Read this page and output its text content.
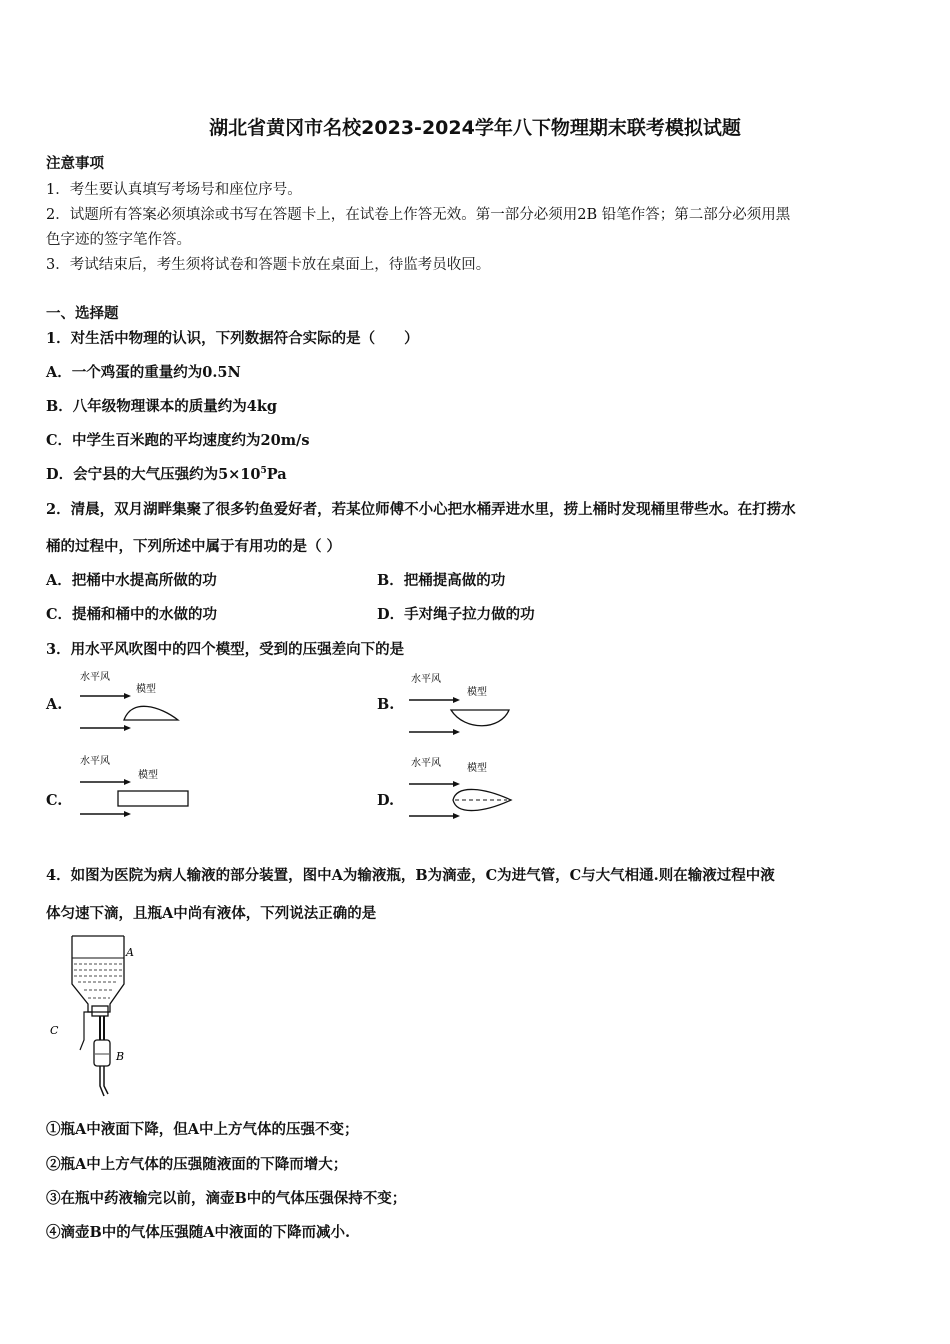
湖北省黄冈市名校2023-2024学年八下物理期末联考模拟试题
注意事项
1．考生要认真填写考场号和座位序号。
2．试题所有答案必须填涂或书写在答题卡上，在试卷上作答无效。第一部分必须用2B 铅笔作答；第二部分必须用黑
色字迹的签字笔作答。
3．考试结束后，考生须将试卷和答题卡放在桌面上，待监考员收回。
一、选择题
1．对生活中物理的认识，下列数据符合实际的是（　　）
A．一个鸡蛋的重量约为0.5N
B．八年级物理课本的质量约为4kg
C．中学生百米跑的平均速度约为20m/s
D．会宁县的大气压强约为$5\times 10^5Pa$
2．清晨，双月湖畔集聚了很多钓鱼爱好者，若某位师傅不小心把水桶弄进水里，捞上桶时发现桶里带些水。在打捞水
桶的过程中，下列所述中属于有用功的是（ ）
A．把桶中水提高所做的功	B．把桶提高做的功
C．提桶和桶中的水做的功	D．手对绳子拉力做的功
3．用水平风吹图中的四个模型，受到的压强差向下的是
A.
水平风
模型
B.
水平风
模型
C.
水平风
模型
D.
水平风	模型
4．如图为医院为病人输液的部分装置，图中A为输液瓶，B为滴壶，C为进气管，C与大气相通.则在输液过程中液
体匀速下滴，且瓶A中尚有液体，下列说法正确的是
A
B
C
①瓶A中液面下降，但A中上方气体的压强不变；
②瓶A中上方气体的压强随液面的下降而增大；
③在瓶中药液输完以前，滴壶B中的气体压强保持不变；
④滴壶B中的气体压强随A中液面的下降而减小.
